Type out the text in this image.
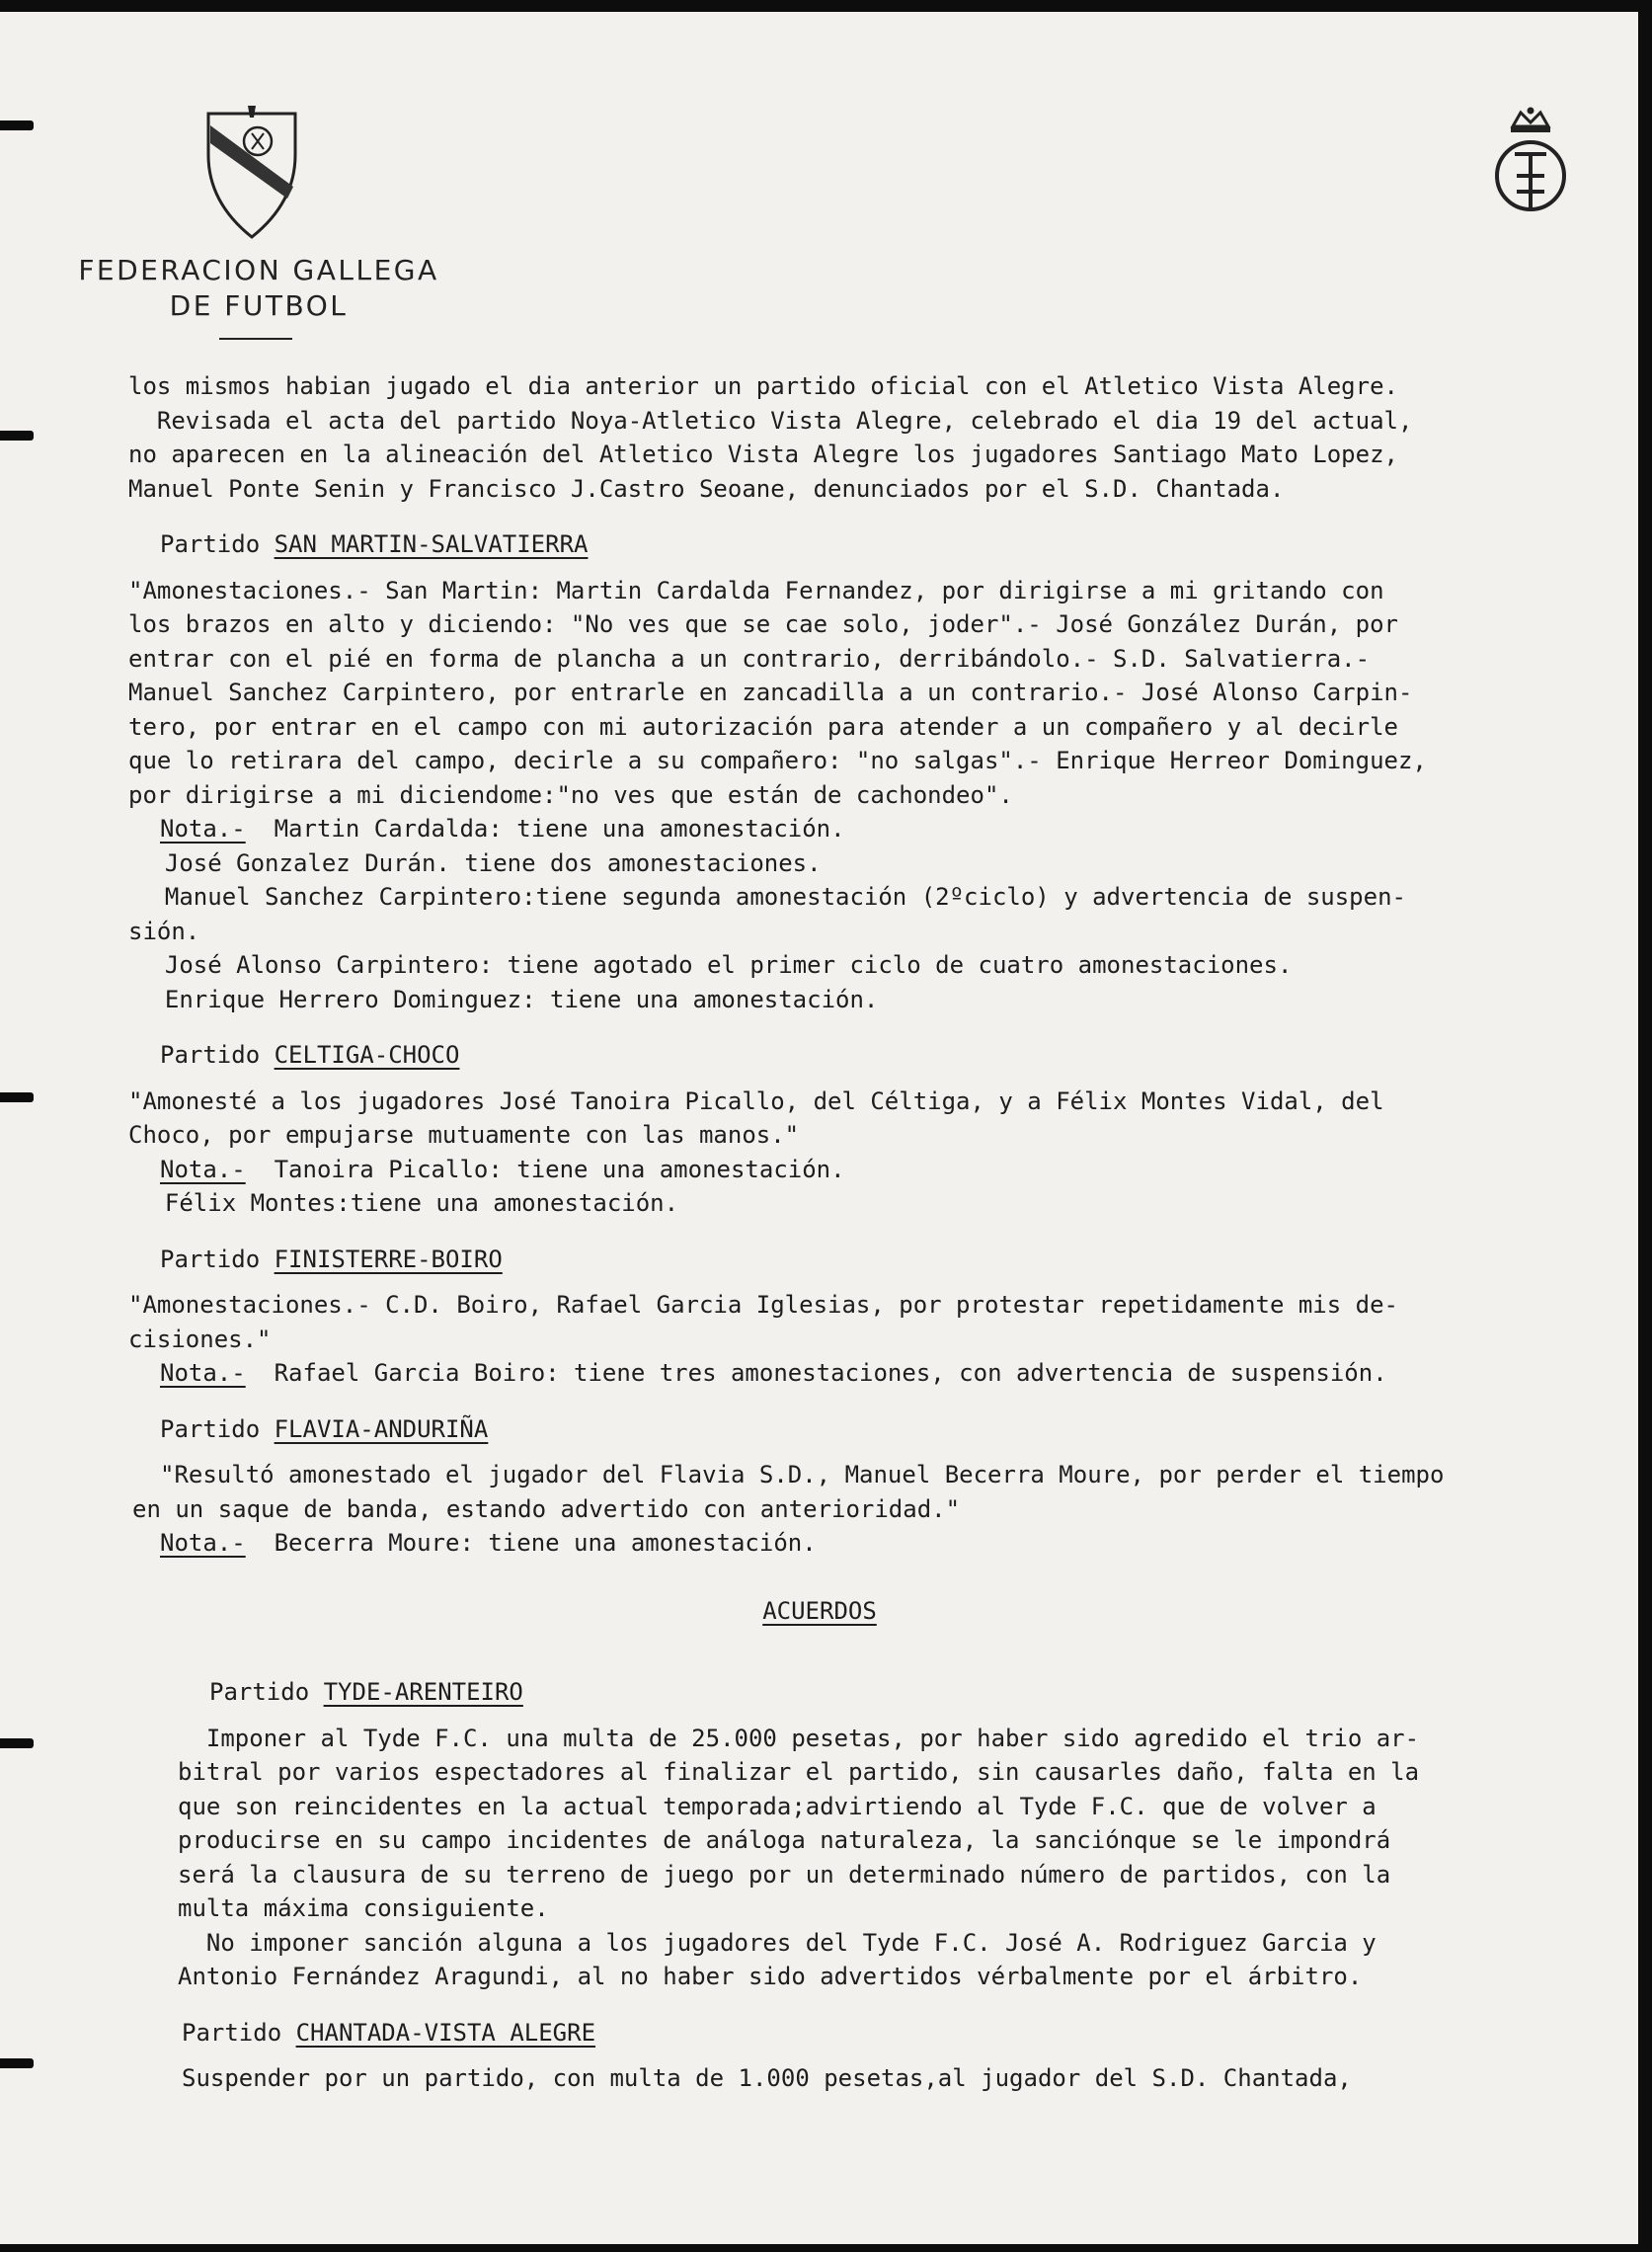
FEDERACION GALLEGA
DE FUTBOL

los mismos habian jugado el dia anterior un partido oficial con el Atletico Vista Alegre.

Revisada el acta del partido Noya-Atletico Vista Alegre, celebrado el dia 19 del actual,

no aparecen en la alineación del Atletico Vista Alegre los jugadores Santiago Mato Lopez,

Manuel Ponte Senin y Francisco J.Castro Seoane, denunciados por el S.D. Chantada.

Partido SAN MARTIN-SALVATIERRA

"Amonestaciones.- San Martin: Martin Cardalda Fernandez, por dirigirse a mi gritando con

los brazos en alto y diciendo: "No ves que se cae solo, joder".- José González Durán, por

entrar con el pié en forma de plancha a un contrario, derribándolo.- S.D. Salvatierra.-

Manuel Sanchez Carpintero, por entrarle en zancadilla a un contrario.- José Alonso Carpin-

tero, por entrar en el campo con mi autorización para atender a un compañero y al decirle

que lo retirara del campo, decirle a su compañero: "no salgas".- Enrique Herreor Dominguez,

por dirigirse a mi diciendome:"no ves que están de cachondeo".

Nota.-  Martin Cardalda: tiene una amonestación.

José Gonzalez Durán. tiene dos amonestaciones.

Manuel Sanchez Carpintero:tiene segunda amonestación (2ºciclo) y advertencia de suspen-

sión.

José Alonso Carpintero: tiene agotado el primer ciclo de cuatro amonestaciones.

Enrique Herrero Dominguez: tiene una amonestación.

Partido CELTIGA-CHOCO

"Amonesté a los jugadores José Tanoira Picallo, del Céltiga, y a Félix Montes Vidal, del

Choco, por empujarse mutuamente con las manos."

Nota.-  Tanoira Picallo: tiene una amonestación.

Félix Montes:tiene una amonestación.

Partido FINISTERRE-BOIRO

"Amonestaciones.- C.D. Boiro, Rafael Garcia Iglesias, por protestar repetidamente mis de-

cisiones."

Nota.-  Rafael Garcia Boiro: tiene tres amonestaciones, con advertencia de suspensión.

Partido FLAVIA-ANDURIÑA

"Resultó amonestado el jugador del Flavia S.D., Manuel Becerra Moure, por perder el tiempo

en un saque de banda, estando advertido con anterioridad."

Nota.-  Becerra Moure: tiene una amonestación.

ACUERDOS

Partido TYDE-ARENTEIRO

Imponer al Tyde F.C. una multa de 25.000 pesetas, por haber sido agredido el trio ar-

bitral por varios espectadores al finalizar el partido, sin causarles daño, falta en la

que son reincidentes en la actual temporada;advirtiendo al Tyde F.C. que de volver a

producirse en su campo incidentes de análoga naturaleza, la sanciónque se le impondrá

será la clausura de su terreno de juego por un determinado número de partidos, con la

multa máxima consiguiente.

No imponer sanción alguna a los jugadores del Tyde F.C. José A. Rodriguez Garcia y

Antonio Fernández Aragundi, al no haber sido advertidos vérbalmente por el árbitro.

Partido CHANTADA-VISTA ALEGRE

Suspender por un partido, con multa de 1.000 pesetas,al jugador del S.D. Chantada,
